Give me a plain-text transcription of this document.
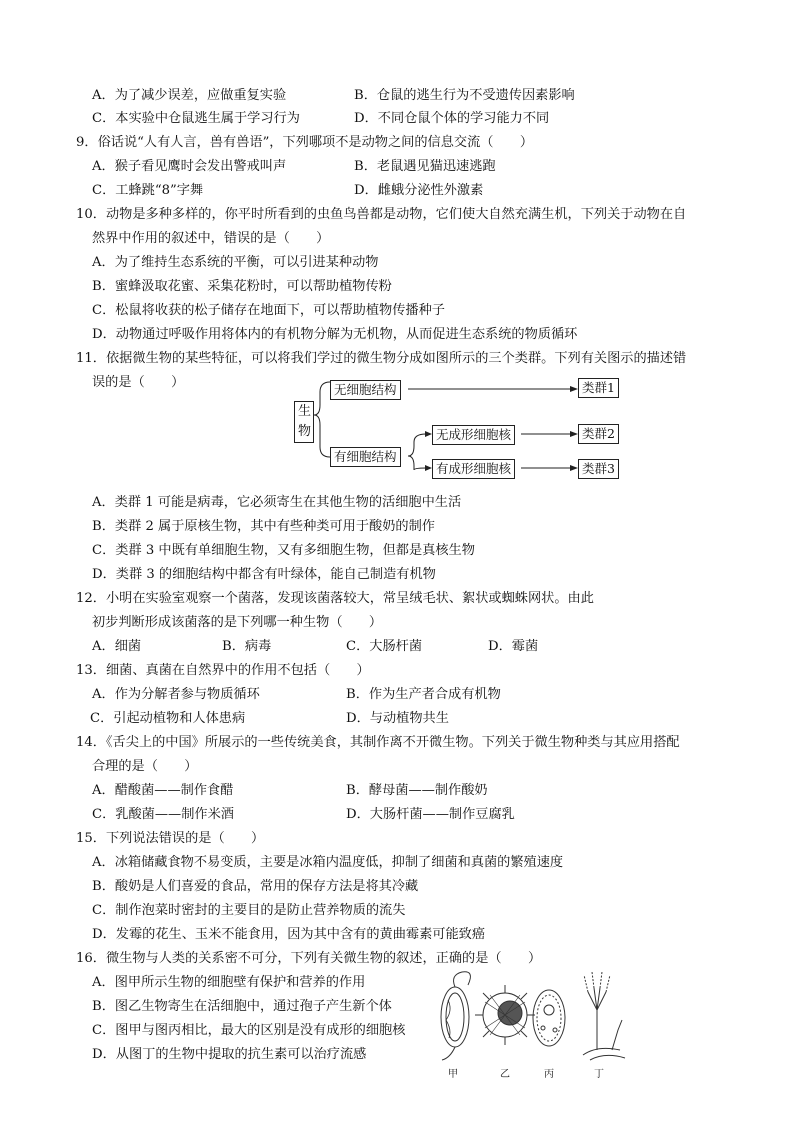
A．为了减少误差，应做重复实验	B．仓鼠的逃生行为不受遗传因素影响
C．本实验中仓鼠逃生属于学习行为	D．不同仓鼠个体的学习能力不同
9．俗话说“人有人言，兽有兽语”，下列哪项不是动物之间的信息交流（　　）
A．猴子看见鹰时会发出警戒叫声	B．老鼠遇见猫迅速逃跑
C．工蜂跳“8”字舞	D．雌蛾分泌性外激素
10．动物是多种多样的，你平时所看到的虫鱼鸟兽都是动物，它们使大自然充满生机，下列关于动物在自
然界中作用的叙述中，错误的是（　　）
A．为了维持生态系统的平衡，可以引进某种动物
B．蜜蜂汲取花蜜、采集花粉时，可以帮助植物传粉
C．松鼠将收获的松子储存在地面下，可以帮助植物传播种子
D．动物通过呼吸作用将体内的有机物分解为无机物，从而促进生态系统的物质循环
11．依据微生物的某些特征，可以将我们学过的微生物分成如图所示的三个类群。下列有关图示的描述错
误的是（　　）
生物
无细胞结构
有细胞结构
无成形细胞核
有成形细胞核
类群1
类群2
类群3
A．类群 1 可能是病毒，它必须寄生在其他生物的活细胞中生活
B．类群 2 属于原核生物，其中有些种类可用于酸奶的制作
C．类群 3 中既有单细胞生物，又有多细胞生物，但都是真核生物
D．类群 3 的细胞结构中都含有叶绿体，能自己制造有机物
12．小明在实验室观察一个菌落，发现该菌落较大，常呈绒毛状、絮状或蜘蛛网状。由此
初步判断形成该菌落的是下列哪一种生物（　　）
A．细菌	B．病毒	C．大肠杆菌	D．霉菌
13．细菌、真菌在自然界中的作用不包括（　　）
A．作为分解者参与物质循环	B．作为生产者合成有机物
C．引起动植物和人体患病	D．与动植物共生
14．《舌尖上的中国》所展示的一些传统美食，其制作离不开微生物。下列关于微生物种类与其应用搭配
合理的是（　　）
A．醋酸菌——制作食醋	B．酵母菌——制作酸奶
C．乳酸菌——制作米酒	D．大肠杆菌——制作豆腐乳
15．下列说法错误的是（　　）
A．冰箱储藏食物不易变质，主要是冰箱内温度低，抑制了细菌和真菌的繁殖速度
B．酸奶是人们喜爱的食品，常用的保存方法是将其冷藏
C．制作泡菜时密封的主要目的是防止营养物质的流失
D．发霉的花生、玉米不能食用，因为其中含有的黄曲霉素可能致癌
16．微生物与人类的关系密不可分，下列有关微生物的叙述，正确的是（　　）
A．图甲所示生物的细胞壁有保护和营养的作用
B．图乙生物寄生在活细胞中，通过孢子产生新个体
C．图甲与图丙相比，最大的区别是没有成形的细胞核
D．从图丁的生物中提取的抗生素可以治疗流感
甲	乙	丙	丁
